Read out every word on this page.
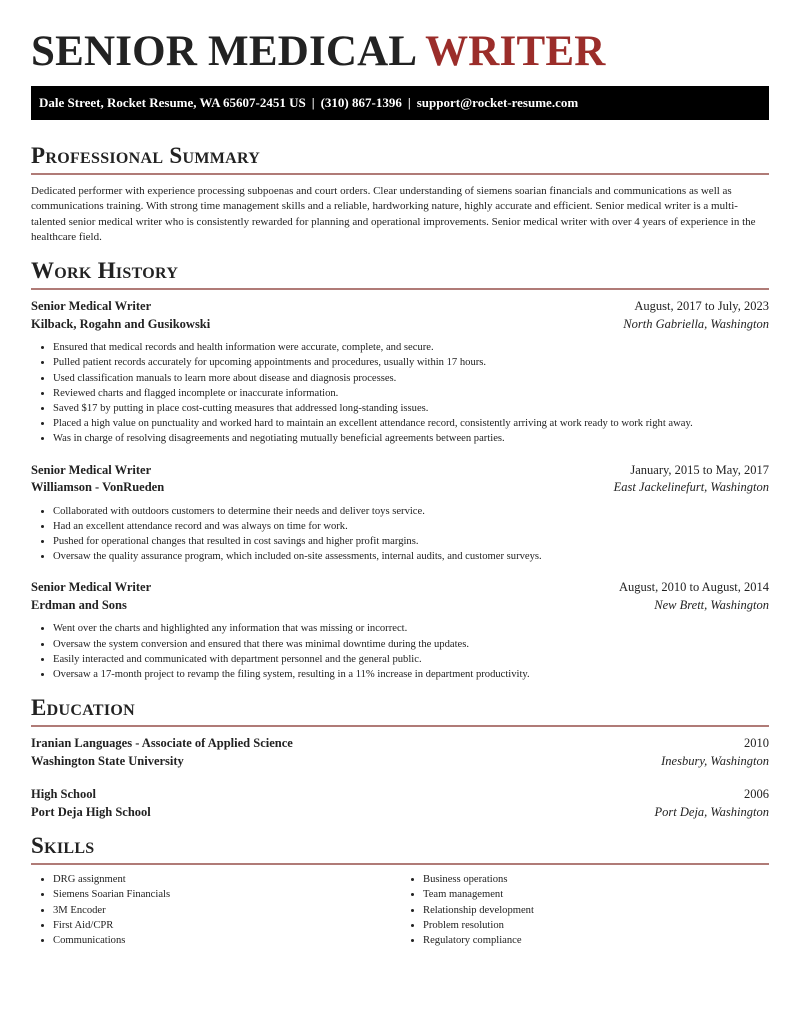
SENIOR MEDICAL WRITER
Dale Street, Rocket Resume, WA 65607-2451 US | (310) 867-1396 | support@rocket-resume.com
Professional Summary

Dedicated performer with experience processing subpoenas and court orders. Clear understanding of siemens soarian financials and communications as well as communications training. With strong time management skills and a reliable, hardworking nature, highly accurate and efficient. Senior medical writer is a multi-talented senior medical writer who is consistently rewarded for planning and operational improvements. Senior medical writer with over 4 years of experience in the healthcare field.

Work History
Senior Medical Writer	August, 2017 to July, 2023
Kilback, Rogahn and Gusikowski	North Gabriella, Washington
• Ensured that medical records and health information were accurate, complete, and secure.
• Pulled patient records accurately for upcoming appointments and procedures, usually within 17 hours.
• Used classification manuals to learn more about disease and diagnosis processes.
• Reviewed charts and flagged incomplete or inaccurate information.
• Saved $17 by putting in place cost-cutting measures that addressed long-standing issues.
• Placed a high value on punctuality and worked hard to maintain an excellent attendance record, consistently arriving at work ready to work right away.
• Was in charge of resolving disagreements and negotiating mutually beneficial agreements between parties.
Senior Medical Writer	January, 2015 to May, 2017
Williamson - VonRueden	East Jackelinefurt, Washington
• Collaborated with outdoors customers to determine their needs and deliver toys service.
• Had an excellent attendance record and was always on time for work.
• Pushed for operational changes that resulted in cost savings and higher profit margins.
• Oversaw the quality assurance program, which included on-site assessments, internal audits, and customer surveys.
Senior Medical Writer	August, 2010 to August, 2014
Erdman and Sons	New Brett, Washington
• Went over the charts and highlighted any information that was missing or incorrect.
• Oversaw the system conversion and ensured that there was minimal downtime during the updates.
• Easily interacted and communicated with department personnel and the general public.
• Oversaw a 17-month project to revamp the filing system, resulting in a 11% increase in department productivity.
Education
Iranian Languages - Associate of Applied Science	2010
Washington State University	Inesbury, Washington
High School	2006
Port Deja High School	Port Deja, Washington
Skills
• DRG assignment
• Siemens Soarian Financials
• 3M Encoder
• First Aid/CPR
• Communications
• Business operations
• Team management
• Relationship development
• Problem resolution
• Regulatory compliance
